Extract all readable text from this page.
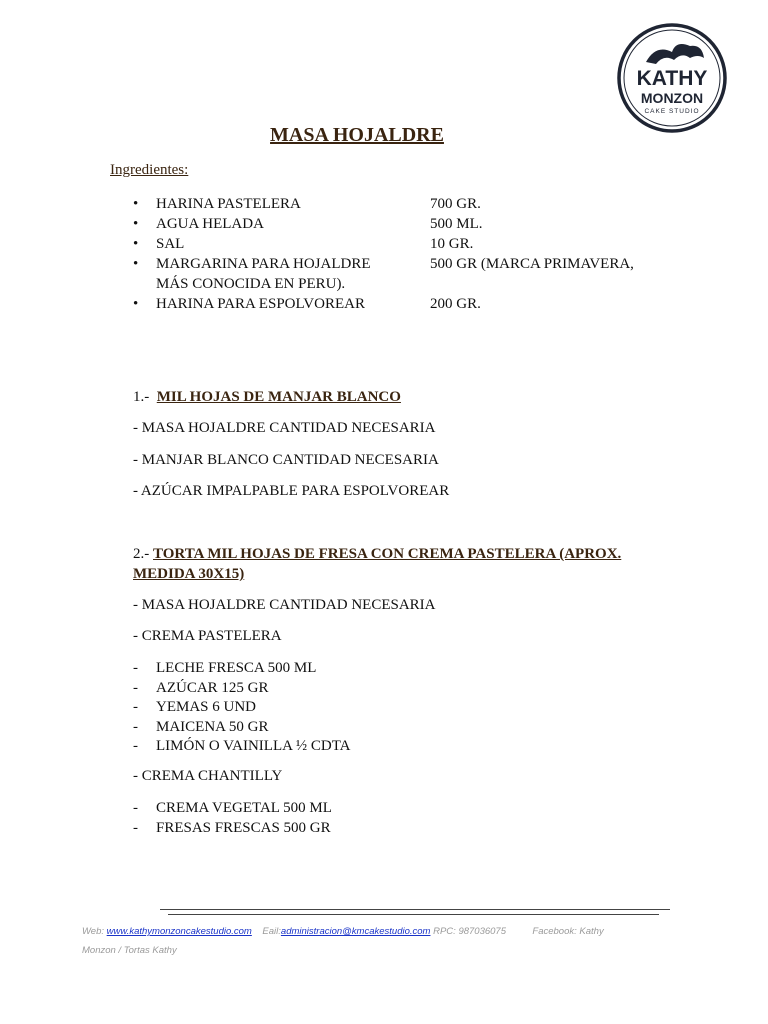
KATHY
MONZON
CAKE STUDIO
MASA HOJALDRE
Ingredientes:
• HARINA PASTELERA	700 GR.
• AGUA HELADA	500 ML.
• SAL	10 GR.
• MARGARINA PARA HOJALDRE	500 GR (MARCA PRIMAVERA,
MÁS CONOCIDA EN PERU).
• HARINA PARA ESPOLVOREAR	200 GR.
1.- MIL HOJAS DE MANJAR BLANCO
- MASA HOJALDRE CANTIDAD NECESARIA
- MANJAR BLANCO CANTIDAD NECESARIA
- AZÚCAR IMPALPABLE PARA ESPOLVOREAR
2.- TORTA MIL HOJAS DE FRESA CON CREMA PASTELERA (APROX.
MEDIDA 30X15)
- MASA HOJALDRE CANTIDAD NECESARIA
- CREMA PASTELERA
- LECHE FRESCA 500 ML
- AZÚCAR 125 GR
- YEMAS 6 UND
- MAICENA 50 GR
- LIMÓN O VAINILLA ½ CDTA
- CREMA CHANTILLY
- CREMA VEGETAL 500 ML
- FRESAS FRESCAS 500 GR
Web: www.kathymonzoncakestudio.com Eail:administracion@kmcakestudio.com RPC: 987036075	Facebook: Kathy
Monzon / Tortas Kathy
